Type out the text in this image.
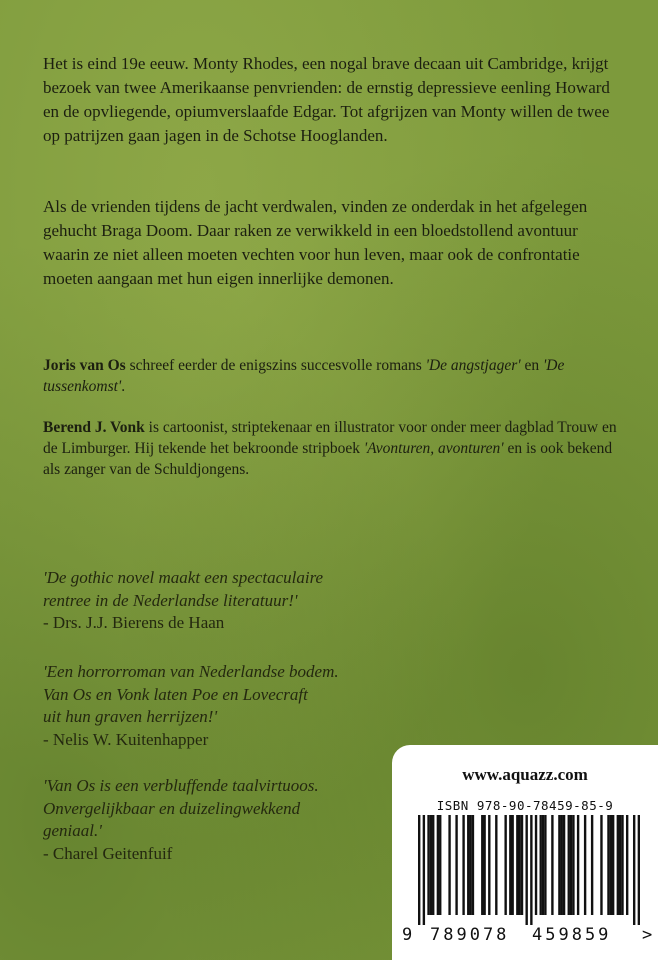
Het is eind 19e eeuw. Monty Rhodes, een nogal brave decaan uit Cambridge, krijgt bezoek van twee Amerikaanse penvrienden: de ernstig depressieve eenling Howard en de opvliegende, opiumverslaafde Edgar. Tot afgrijzen van Monty willen de twee op patrijzen gaan jagen in de Schotse Hooglanden.

Als de vrienden tijdens de jacht verdwalen, vinden ze onderdak in het afgelegen gehucht Braga Doom. Daar raken ze verwikkeld in een bloedstollend avontuur waarin ze niet alleen moeten vechten voor hun leven, maar ook de confrontatie moeten aangaan met hun eigen innerlijke demonen.

Joris van Os schreef eerder de enigszins succesvolle romans 'De angstjager' en 'De tussenkomst'.

Berend J. Vonk is cartoonist, striptekenaar en illustrator voor onder meer dagblad Trouw en de Limburger. Hij tekende het bekroonde stripboek 'Avonturen, avonturen' en is ook bekend als zanger van de Schuldjongens.

'De gothic novel maakt een spectaculaire
rentree in de Nederlandse literatuur!'
- Drs. J.J. Bierens de Haan
'Een horrorroman van Nederlandse bodem.
Van Os en Vonk laten Poe en Lovecraft
uit hun graven herrijzen!'
- Nelis W. Kuitenhapper
'Van Os is een verbluffende taalvirtuoos.
Onvergelijkbaar en duizelingwekkend
geniaal.'
- Charel Geitenfuif
www.aquazz.com
ISBN 978-90-78459-85-9
9 789078 459859 >
